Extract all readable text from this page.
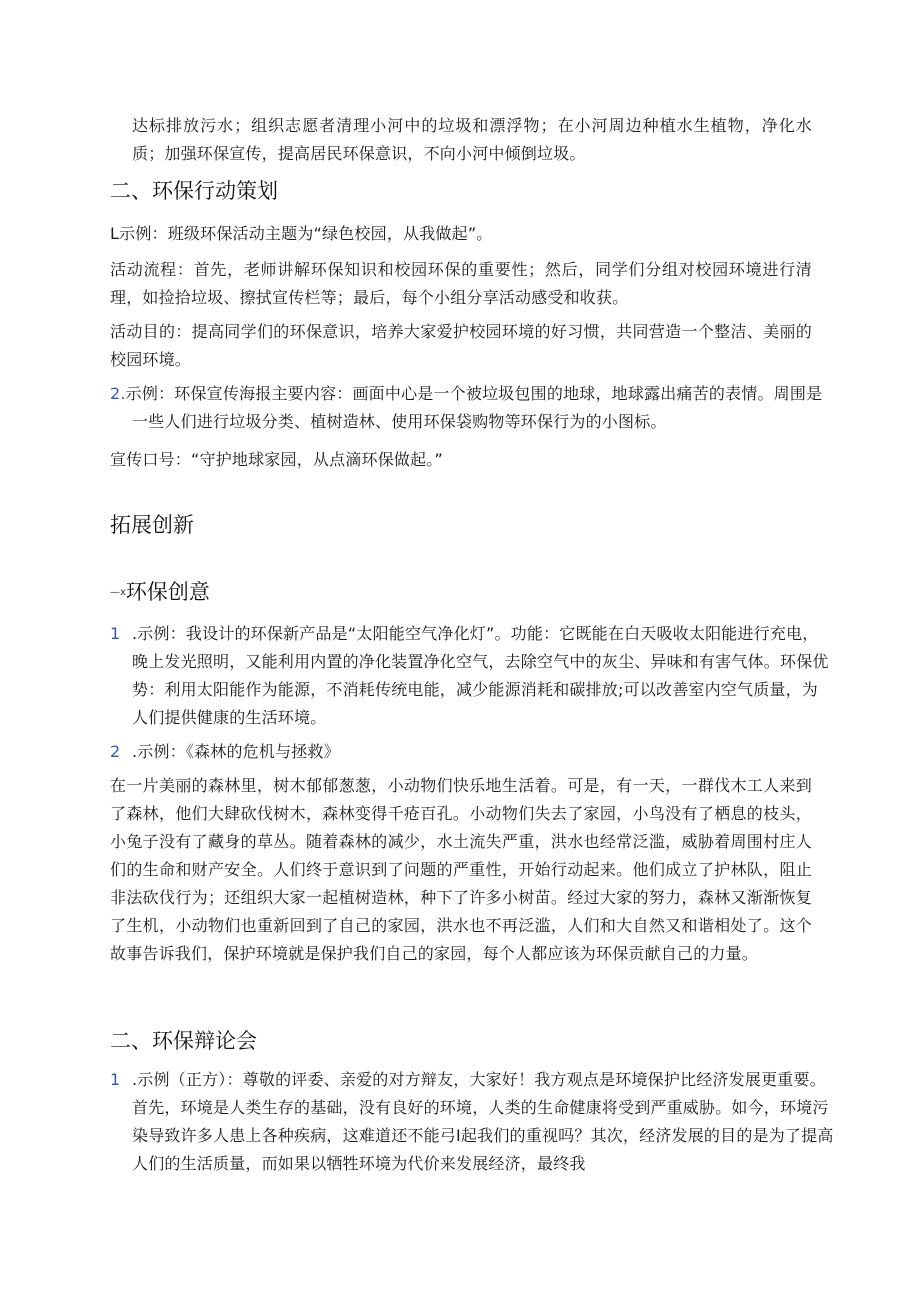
达标排放污水；组织志愿者清理小河中的垃圾和漂浮物；在小河周边种植水生植物，净化水质；加强环保宣传，提高居民环保意识，不向小河中倾倒垃圾。

二、环保行动策划

L示例：班级环保活动主题为“绿色校园，从我做起”。

活动流程：首先，老师讲解环保知识和校园环保的重要性；然后，同学们分组对校园环境进行清理，如捡拾垃圾、擦拭宣传栏等；最后，每个小组分享活动感受和收获。

活动目的：提高同学们的环保意识，培养大家爱护校园环境的好习惯，共同营造一个整洁、美丽的校园环境。

2.示例：环保宣传海报主要内容：画面中心是一个被垃圾包围的地球，地球露出痛苦的表情。周围是一些人们进行垃圾分类、植树造林、使用环保袋购物等环保行为的小图标。

宣传口号：“守护地球家园，从点滴环保做起。”

拓展创新
—x环保创意

1 .示例：我设计的环保新产品是“太阳能空气净化灯”。功能：它既能在白天吸收太阳能进行充电，晚上发光照明，又能利用内置的净化装置净化空气，去除空气中的灰尘、异味和有害气体。环保优势：利用太阳能作为能源，不消耗传统电能，减少能源消耗和碳排放;可以改善室内空气质量，为人们提供健康的生活环境。

2 .示例：《森林的危机与拯救》

在一片美丽的森林里，树木郁郁葱葱，小动物们快乐地生活着。可是，有一天，一群伐木工人来到了森林，他们大肆砍伐树木，森林变得千疮百孔。小动物们失去了家园，小鸟没有了栖息的枝头，小兔子没有了藏身的草丛。随着森林的减少，水土流失严重，洪水也经常泛滥，威胁着周围村庄人们的生命和财产安全。人们终于意识到了问题的严重性，开始行动起来。他们成立了护林队，阻止非法砍伐行为；还组织大家一起植树造林，种下了许多小树苗。经过大家的努力，森林又渐渐恢复了生机，小动物们也重新回到了自己的家园，洪水也不再泛滥，人们和大自然又和谐相处了。这个故事告诉我们，保护环境就是保护我们自己的家园，每个人都应该为环保贡献自己的力量。

二、环保辩论会

1 .示例（正方）：尊敬的评委、亲爱的对方辩友，大家好！我方观点是环境保护比经济发展更重要。首先，环境是人类生存的基础，没有良好的环境，人类的生命健康将受到严重威胁。如今，环境污染导致许多人患上各种疾病，这难道还不能弓I起我们的重视吗？其次，经济发展的目的是为了提高人们的生活质量，而如果以牺牲环境为代价来发展经济，最终我
